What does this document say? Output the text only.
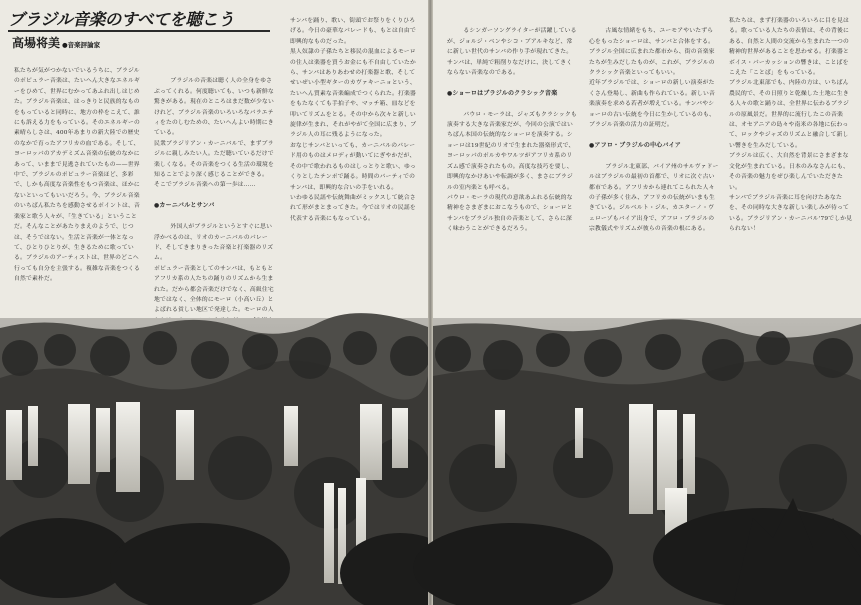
ブラジル音楽のすべてを聴こう
高場将美 ●音楽評論家

私たちが気がつかないでいるうちに、ブラジルのポピュラー音楽は、たいへん大きなエネルギーをひめて、世界にむかってあふれ出しはじめた。ブラジル音楽は、はっきりと民族的なものをもっていると同時に、地方の枠をこえて、誰にも訴える力をもっている。そのエネルギーの素晴らしさは、400年あまりの新大陸での歴史のなかで育ったアフリカの血である。そして、ヨーロッパのアカデミズム音楽の伝統のなかにあって、いままで見逃されていたもの——世界中で、ブラジルのポピュラー音楽ほど、多彩で、しかも高度な音楽性をもつ音楽は、ほかにないといってもいいだろう。今、ブラジル音楽のいちばん私たちを感動させるポイントは、音楽家と歌う人々が、「生きている」ということだ。そんなことがあたりまえのようで、じつは、そうではない。生活と音楽が一体となって、ひとりひとりが、生きるために歌っている。ブラジルのアーティストは、世界のどこへ行っても自分を主張する。複雑な音楽をつくる自然で素朴だ。

ブラジルの音楽は聴く人の全身をゆさぶってくれる。何度聴いても、いつも新鮮な驚きがある。現在のところはまだ数が少ないけれど、ブラジル音楽のいろいろなパラエティをたのしむための、たいへんよい時期にきている。
民衆ブラジリアン・カーニバルで、まずブラジルに親しみたい人。ただ聴いているだけで楽しくなる。その音楽をつくる生活の環境を知ることでより深く感じることができる。
そこでブラジル音楽への第一歩は……

●カーニバルとサンバ

外国人がブラジルというとすぐに思い浮かべるのは、リオのカーニバルのパレード、そしてきまりきった音楽と打楽器のリズム。
ポピュラー音楽としてのサンバは、もともとアフリカ系の人たちの踊りのリズムから生まれた。だから都会音楽だけでなく、高級住宅地ではなく、全体的にモーロ（小高い丘）とよばれる貧しい地区で発達した。モーロの人

サンバを踊り、歌い、街頭でお祭りをくりひろげる。今日の豪華なパレードも、もとは自由で即興的なものだった。
黒人奴隷の子孫たちと移民の混血によるモーロの住人は楽器を買うお金にも不自由していたから、サンバはありあわせの打楽器と歌、そしてせいぜい小型ギターのカヴァキーニョという、たいへん質素な音楽編成でつくられた。打楽器をもたなくても手拍子や、マッチ箱、皿などを叩いてリズムをとる。その中から次々と新しい旋律が生まれ、それがやがて全国に広まり、ブラジル人の耳に残るようになった。
おなじサンバといっても、カーニバルのパレード用のものはメロディが動いてにぎやかだが、その中で歌われるものはしっとりと歌い、ゆっくりとしたテンポで踊る。時間のパーティでのサンバは、即興的な合いの手をいれる。
いわゆる民謡や伝統舞曲がミックスして統合されて形がまとまってきた。今ではリオの民謡を代表する音楽にもなっている。

るシンガーソングライターが活躍しているが、ジョルジ・ベンやシコ・ブアルキなど、常に新しい世代のサンバの作り手が現れてきた。サンバは、単純で粗削りなだけに、決してきくならない音楽なのである。

●ショーロはブラジルのクラシック音楽

パウロ・モーラは、ジャズもクラシックも演奏する大きな音楽家だが、今回の公演ではいちばん本国の伝統的なショーロを演奏する。ショーロは19世紀のリオで生まれた器楽形式で、ヨーロッパのポルカやワルツがアフリカ系のリズム感で演奏されたもの。高度な技巧を要し、即興的なかけあいや転調が多く、まさにブラジルの室内楽とも呼べる。
パウロ・モーラの現代の意欲あふれる伝統的な精神をさまざまにおこなうもので、ショーロとサンバをブラジル独自の音楽として、さらに深く味わうことができるだろう。

古風な情緒をもち、ユーモアやいたずら心をもったショーロは、サンバと合体をする。ブラジル全国に広まれた都市から、街の音楽家たちが生みだしたものが、これが、ブラジルのクラシック音楽といってもいい。
近年ブラジルでは、ショーロの新しい演奏がたくさん登場し、新曲も作られている。新しい音楽演奏を求める若者が増えている。サンバやショーロの古い伝統を今日に生かしているのも、ブラジル音楽の活力の証明だ。

●アフロ・ブラジルの中心バイア

ブラジル北東部、バイア州のサルヴァドールはブラジルの最初の首都で、リオに次ぐ古い都市である。アフリカから連れてこられた人々の子孫が多く住み、アフリカの伝統がいまも生きている。ジルベルト・ジル、カエターノ・ヴェローゾもバイア出身で、アフロ・ブラジルの宗教儀式やリズムが彼らの音楽の根にある。

私たちは、まず打楽器のいろいろに目を見はる。歌っている人たちの表情は、その背後にある、自然と人間の交流から生まれた一つの精神的世界があることを思わせる。打楽器とボイス・パーカッションの響きは、ことばをこえた「ことば」をもっている。
ブラジル北東部でも、内陸の方は、いちばん農民的で、その日照りと乾燥した土地に生きる人々の歌と踊りは、全世界に伝わるブラジルの原風景だ。世界的に流行したこの音楽は、オセアニアの島々や南米の各地に伝わって、ロックやジャズのリズムと融合して新しい響きを生みだしている。
ブラジルは広く、大自然を背景にさまざまな文化が生まれている。日本のみなさんにも、その音楽の魅力をぜひ楽しんでいただきたい。
サンバでブラジル音楽に耳を向けたあなたを、その同時な大きな新しい楽しみが待っている。ブラジリアン・カーニバル'79でしか見られない！
